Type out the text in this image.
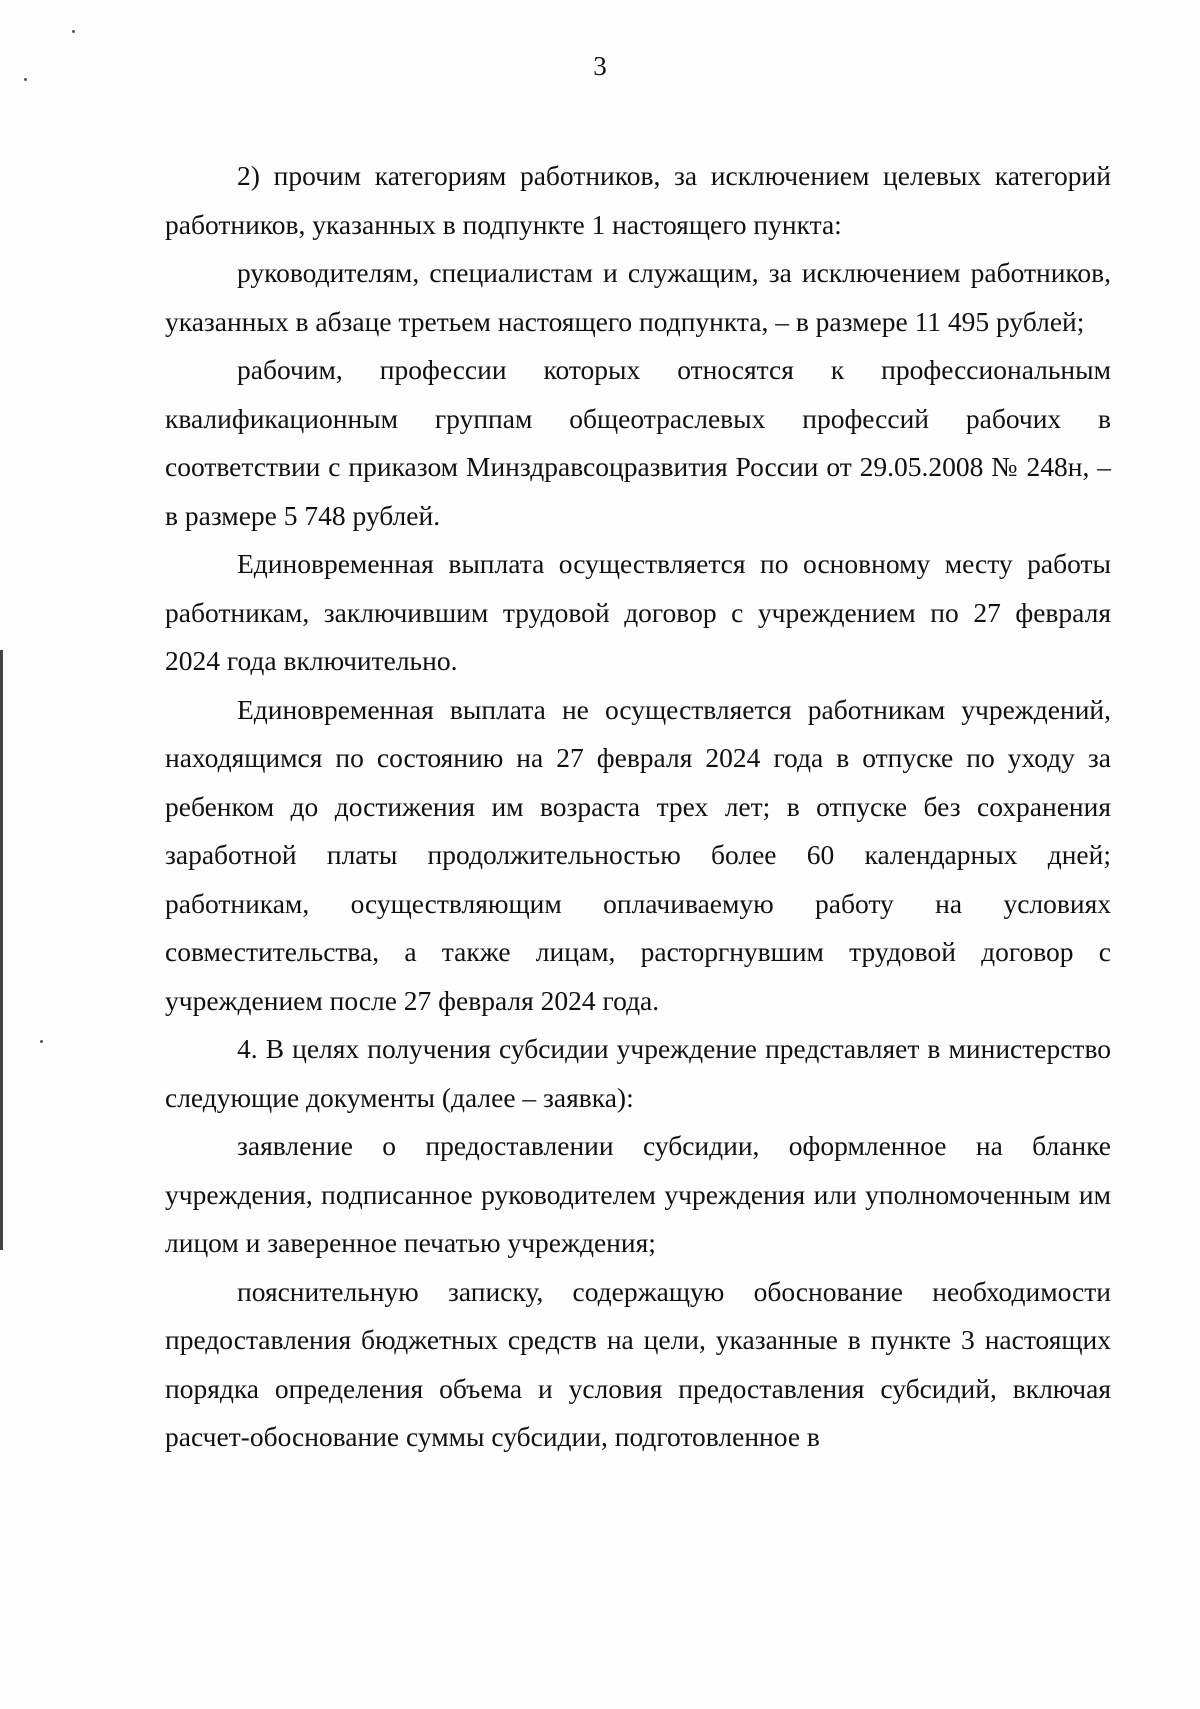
3

2) прочим категориям работников, за исключением целевых категорий работников, указанных в подпункте 1 настоящего пункта:

руководителям, специалистам и служащим, за исключением работников, указанных в абзаце третьем настоящего подпункта, – в размере 11 495 рублей;

рабочим, профессии которых относятся к профессиональным квалификационным группам общеотраслевых профессий рабочих в соответствии с приказом Минздравсоцразвития России от 29.05.2008 № 248н, – в размере 5 748 рублей.

Единовременная выплата осуществляется по основному месту работы работникам, заключившим трудовой договор с учреждением по 27 февраля 2024 года включительно.

Единовременная выплата не осуществляется работникам учреждений, находящимся по состоянию на 27 февраля 2024 года в отпуске по уходу за ребенком до достижения им возраста трех лет; в отпуске без сохранения заработной платы продолжительностью более 60 календарных дней; работникам, осуществляющим оплачиваемую работу на условиях совместительства, а также лицам, расторгнувшим трудовой договор с учреждением после 27 февраля 2024 года.

4. В целях получения субсидии учреждение представляет в министерство следующие документы (далее – заявка):

заявление о предоставлении субсидии, оформленное на бланке учреждения, подписанное руководителем учреждения или уполномоченным им лицом и заверенное печатью учреждения;

пояснительную записку, содержащую обоснование необходимости предоставления бюджетных средств на цели, указанные в пункте 3 настоящих порядка определения объема и условия предоставления субсидий, включая расчет-обоснование суммы субсидии, подготовленное в
